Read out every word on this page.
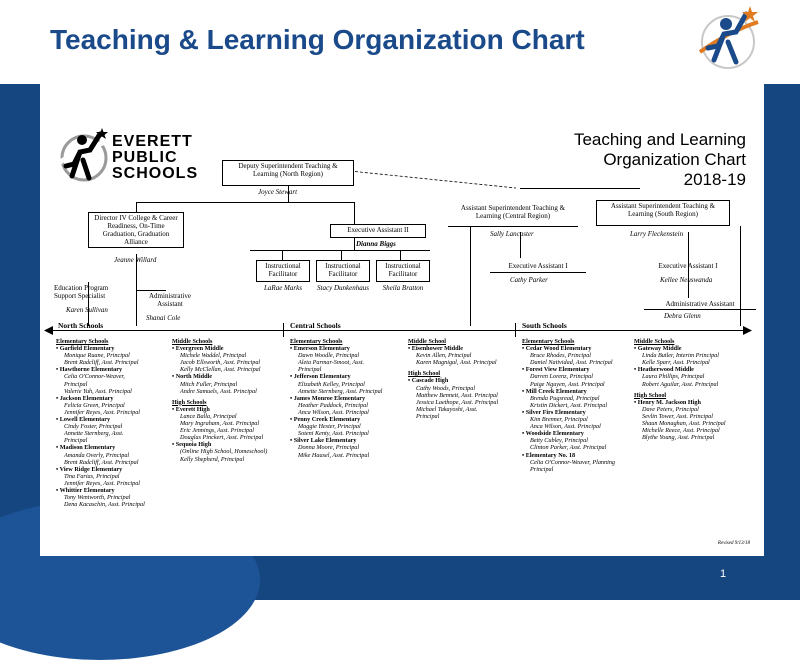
Teaching & Learning Organization Chart
1
EVERETT
PUBLIC
SCHOOLS
Teaching and Learning
Organization Chart
2018-19
Deputy Superintendent Teaching & Learning (North Region)
Joyce Stewart
Director IV College & Career Readiness, On-Time Graduation, Graduation Alliance
Jeanne Willard
Executive Assistant II
Dianna Biggs
Instructional Facilitator
LaRae Marks
Instructional Facilitator
Stacy Dunkenhaus
Instructional Facilitator
Sheila Bratton
Education Program Support Specialist
Karen Sullivan
Administrative Assistant
Shanai Cole
Assistant Superintendent Teaching & Learning (Central Region)
Sally Lancaster
Executive Assistant I
Cathy Parker
Assistant Superintendent Teaching & Learning (South Region)
Larry Fleckenstein
Executive Assistant I
Kellee Neuswanda
Administrative Assistant
Debra Glenn
North Schools	Central Schools	South Schools
Elementary Schools
• Garfield Elementary
Monique Ruane, Principal
Brent Radcliff, Asst. Principal
• Hawthorne Elementary
Celia O'Connor-Weaver,
Principal
Valerie Yuh, Asst. Principal
• Jackson Elementary
Felicia Green, Principal
Jennifer Reyes, Asst. Principal
• Lowell Elementary
Cindy Foster, Principal
Annette Sternberg, Asst.
Principal
• Madison Elementary
Amanda Overly, Principal
Brent Radcliff, Asst. Principal
• View Ridge Elementary
Tina Farias, Principal
Jennifer Reyes, Asst. Principal
• Whittier Elementary
Tony Wentworth, Principal
Dena Kacaschin, Asst. Principal
Middle Schools
• Evergreen Middle
Michele Waddel, Principal
Jacob Ellsworth, Asst. Principal
Kelly McClellan, Asst. Principal
• North Middle
Mitch Fuller, Principal
Andre Samuels, Asst. Principal
High Schools
• Everett High
Lance Balla, Principal
Mary Ingraham, Asst. Principal
Eric Jennings, Asst. Principal
Douglas Pinckert, Asst. Principal
• Sequoia High
(Online High School, Homeschool)
Kelly Shepherd, Principal
Elementary Schools
• Emerson Elementary
Dawn Woodle, Principal
Aleta Parmar-Smoot, Asst.
Principal
• Jefferson Elementary
Elizabeth Kelley, Principal
Annette Sternberg, Asst. Principal
• James Monroe Elementary
Heather Paddock, Principal
Anca Wilson, Asst. Principal
• Penny Creek Elementary
Maggie Hester, Principal
Soteni Kenty, Asst. Principal
• Silver Lake Elementary
Donna Moore, Principal
Mike Haasel, Asst. Principal
Middle School
• Eisenhower Middle
Kevin Allen, Principal
Karen Magnigal, Asst. Principal
High School
• Cascade High
Cathy Woods, Principal
Matthew Bennett, Asst. Principal
Jessica Laethope, Asst. Principal
Michael Takayoshi, Asst.
Principal
Elementary Schools
• Cedar Wood Elementary
Bruce Rhodes, Principal
Daniel Natividad, Asst. Principal
• Forest View Elementary
Darren Lorenz, Principal
Paige Nguyen, Asst. Principal
• Mill Creek Elementary
Brenda Pugsread, Principal
Kristin Dickert, Asst. Principal
• Silver Firs Elementary
Kim Brenner, Principal
Anca Wilson, Asst. Principal
• Woodside Elementary
Betty Cubley, Principal
Clinton Parker, Asst. Principal
• Elementary No. 18
Celia O'Connor-Weaver, Planning
Principal
Middle Schools
• Gateway Middle
Linda Butler, Interim Principal
Kelle Sparr, Asst. Principal
• Heatherwood Middle
Laura Phillips, Principal
Robert Aguilar, Asst. Principal
High School
• Henry M. Jackson High
Dave Peters, Principal
Sevlin Tower, Asst. Principal
Shaun Monaghan, Asst. Principal
Michelle Reece, Asst. Principal
Blythe Young, Asst. Principal
Revised 9/13/18
